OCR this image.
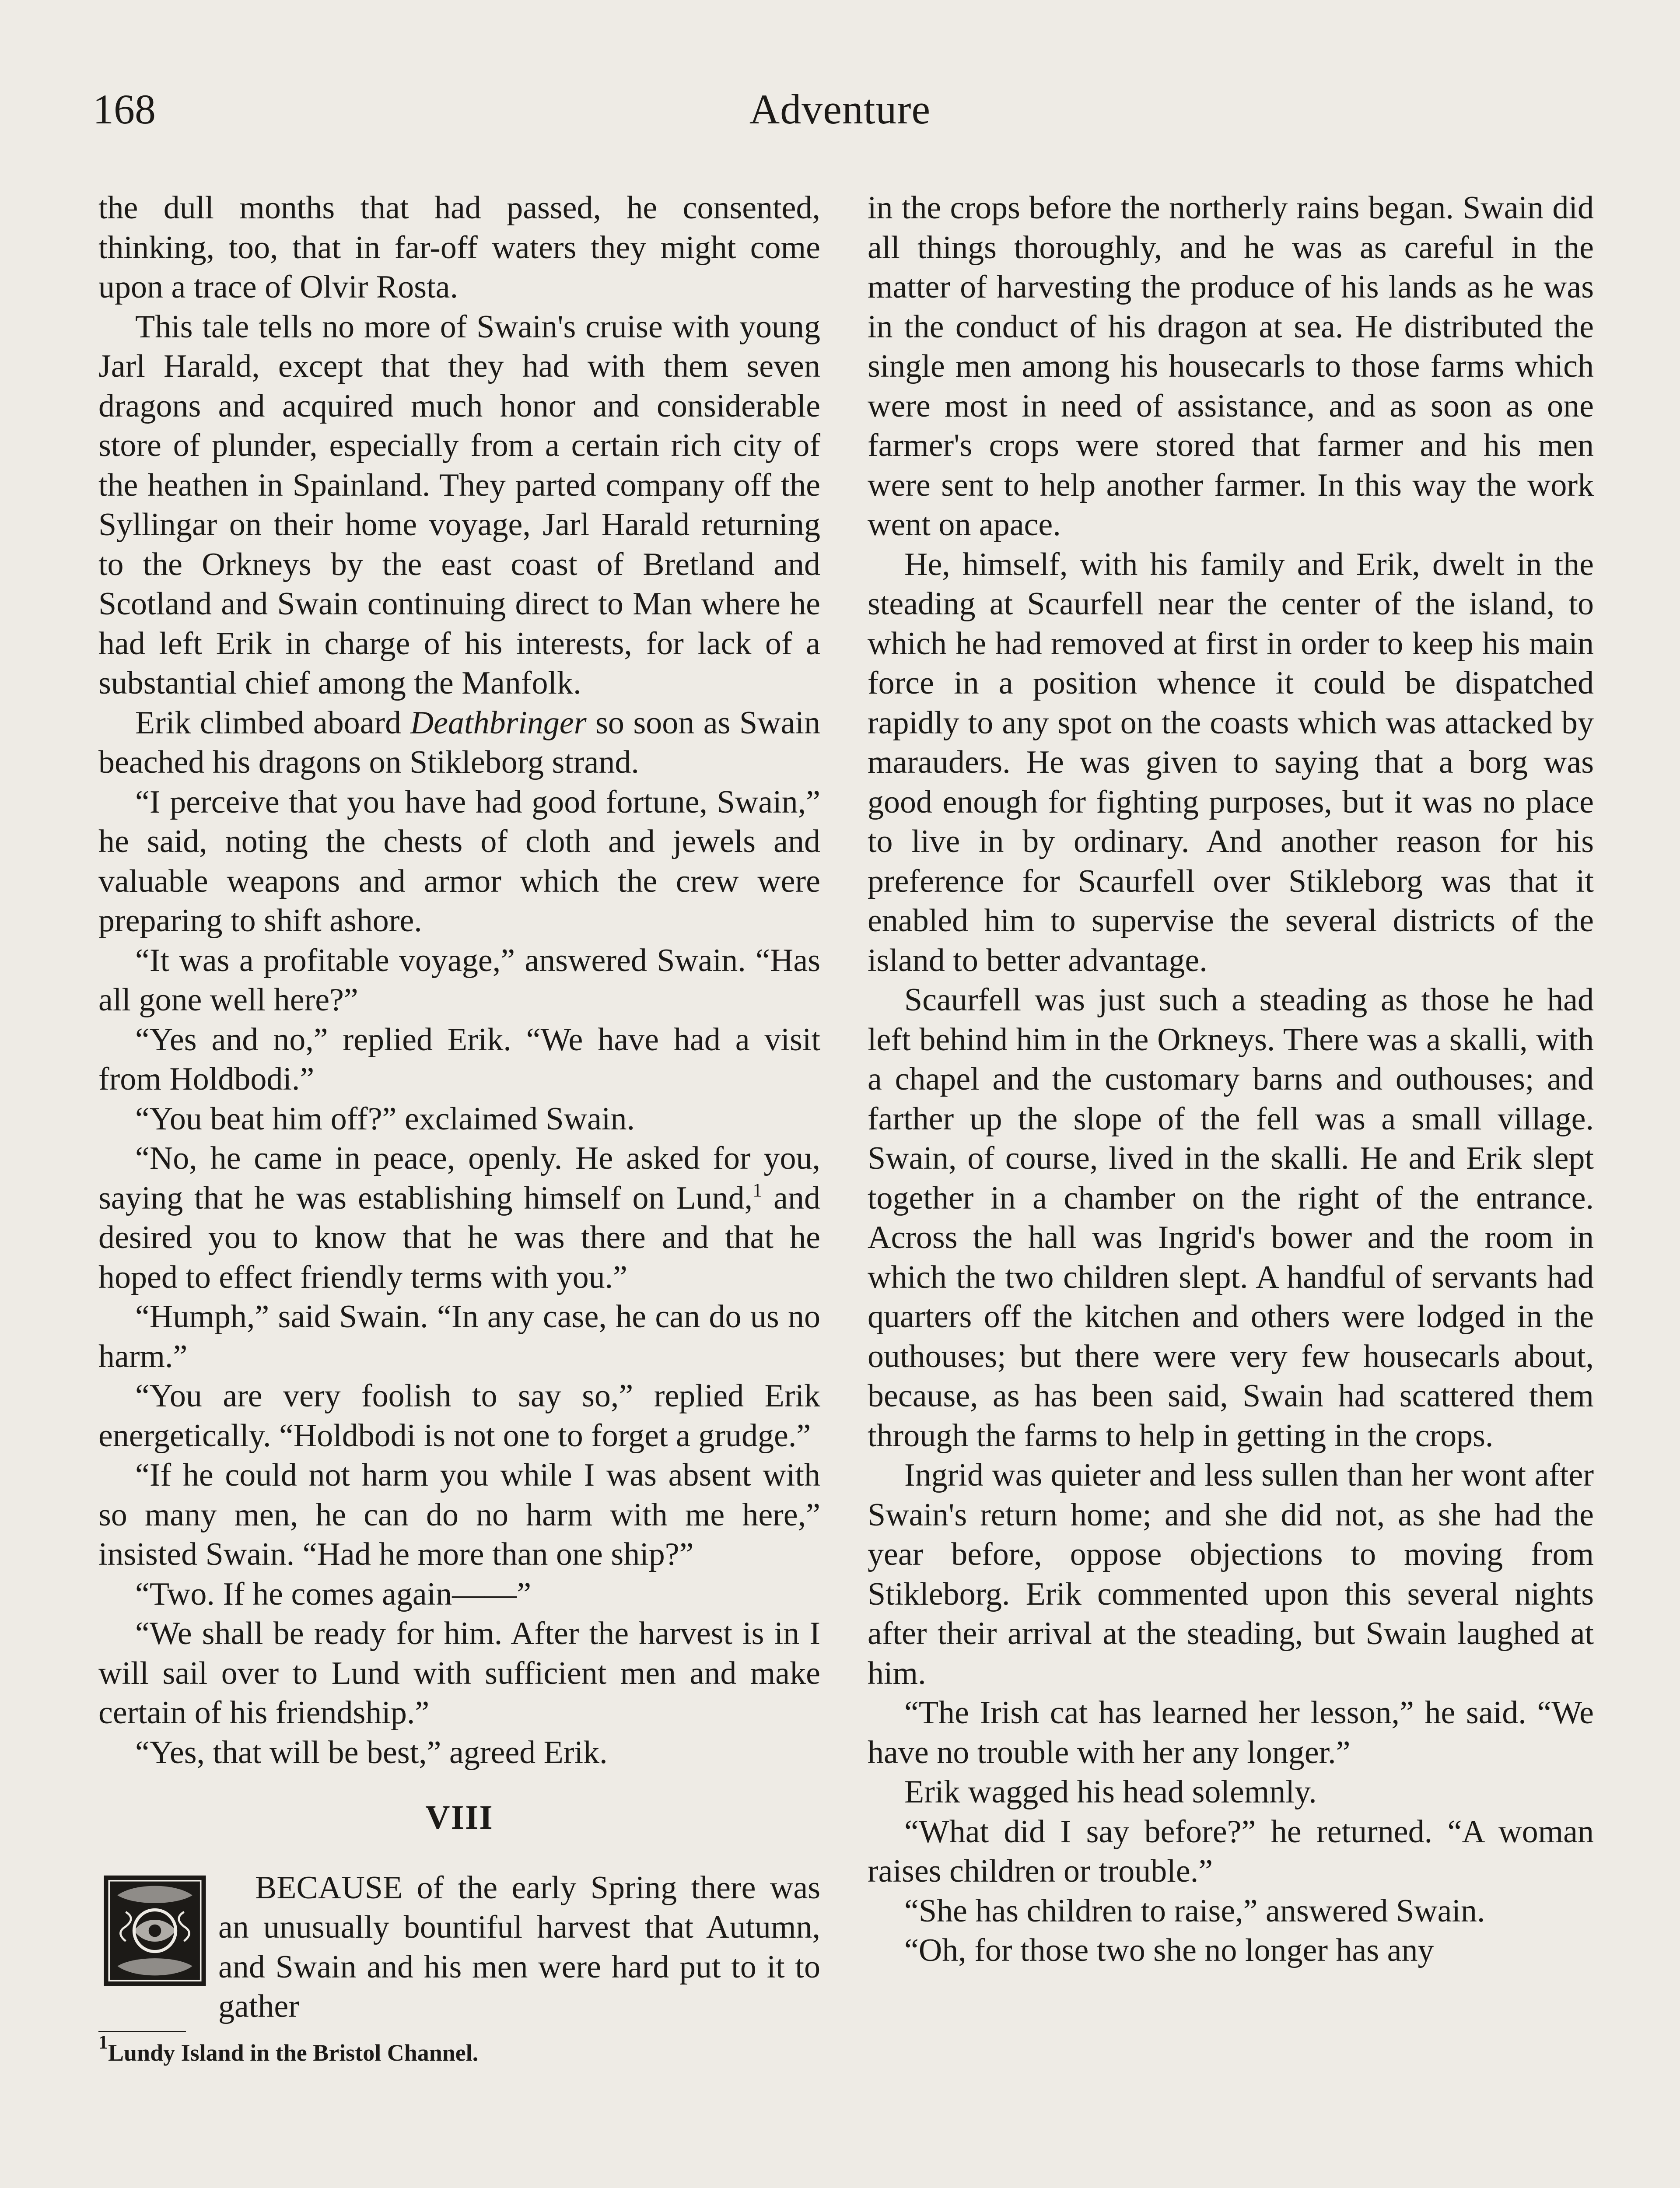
168	Adventure

the dull months that had passed, he consented, thinking, too, that in far-off waters they might come upon a trace of Olvir Rosta.

This tale tells no more of Swain's cruise with young Jarl Harald, except that they had with them seven dragons and acquired much honor and considerable store of plunder, especially from a certain rich city of the heathen in Spainland. They parted company off the Syllingar on their home voyage, Jarl Harald returning to the Orkneys by the east coast of Bretland and Scotland and Swain continuing direct to Man where he had left Erik in charge of his interests, for lack of a substantial chief among the Manfolk.

Erik climbed aboard Deathbringer so soon as Swain beached his dragons on Stikleborg strand.

“I perceive that you have had good fortune, Swain,” he said, noting the chests of cloth and jewels and valuable weapons and armor which the crew were preparing to shift ashore.

“It was a profitable voyage,” answered Swain. “Has all gone well here?”

“Yes and no,” replied Erik. “We have had a visit from Holdbodi.”

“You beat him off?” exclaimed Swain.

“No, he came in peace, openly. He asked for you, saying that he was establishing himself on Lund,$^1$ and desired you to know that he was there and that he hoped to effect friendly terms with you.”

“Humph,” said Swain. “In any case, he can do us no harm.”

“You are very foolish to say so,” replied Erik energetically. “Holdbodi is not one to forget a grudge.”

“If he could not harm you while I was absent with so many men, he can do no harm with me here,” insisted Swain. “Had he more than one ship?”

“Two. If he comes again——”

“We shall be ready for him. After the harvest is in I will sail over to Lund with sufficient men and make certain of his friendship.”

“Yes, that will be best,” agreed Erik.

VIII

BECAUSE of the early Spring there was an unusually bountiful harvest that Autumn, and Swain and his men were hard put to it to gather

$^1$Lundy Island in the Bristol Channel.

in the crops before the northerly rains began. Swain did all things thoroughly, and he was as careful in the matter of harvesting the produce of his lands as he was in the conduct of his dragon at sea. He distributed the single men among his housecarls to those farms which were most in need of assistance, and as soon as one farmer's crops were stored that farmer and his men were sent to help another farmer. In this way the work went on apace.

He, himself, with his family and Erik, dwelt in the steading at Scaurfell near the center of the island, to which he had removed at first in order to keep his main force in a position whence it could be dispatched rapidly to any spot on the coasts which was attacked by marauders. He was given to saying that a borg was good enough for fighting purposes, but it was no place to live in by ordinary. And another reason for his preference for Scaurfell over Stikleborg was that it enabled him to supervise the several districts of the island to better advantage.

Scaurfell was just such a steading as those he had left behind him in the Orkneys. There was a skalli, with a chapel and the customary barns and outhouses; and farther up the slope of the fell was a small village. Swain, of course, lived in the skalli. He and Erik slept together in a chamber on the right of the entrance. Across the hall was Ingrid's bower and the room in which the two children slept. A handful of servants had quarters off the kitchen and others were lodged in the outhouses; but there were very few housecarls about, because, as has been said, Swain had scattered them through the farms to help in getting in the crops.

Ingrid was quieter and less sullen than her wont after Swain's return home; and she did not, as she had the year before, oppose objections to moving from Stikleborg. Erik commented upon this several nights after their arrival at the steading, but Swain laughed at him.

“The Irish cat has learned her lesson,” he said. “We have no trouble with her any longer.”

Erik wagged his head solemnly.

“What did I say before?” he returned. “A woman raises children or trouble.”

“She has children to raise,” answered Swain.

“Oh, for those two she no longer has any
